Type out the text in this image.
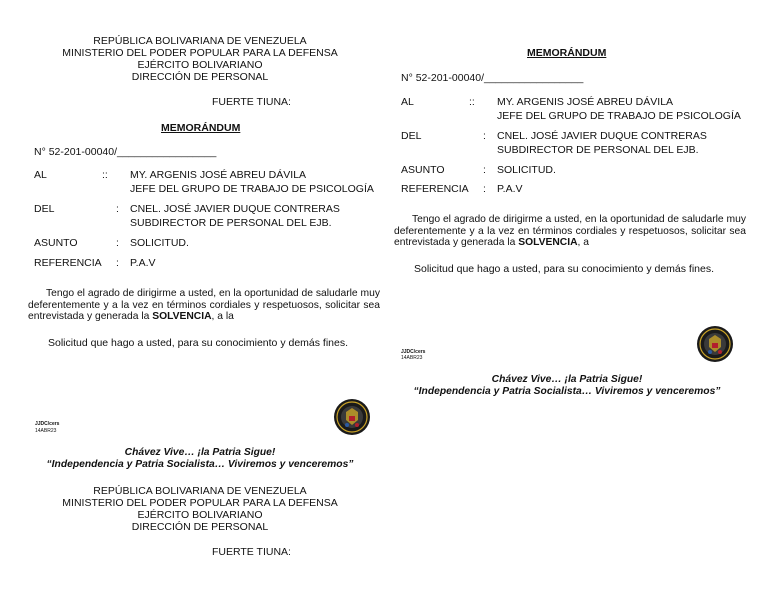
REPÚBLICA BOLIVARIANA DE VENEZUELA
MINISTERIO DEL PODER POPULAR PARA LA DEFENSA
EJÉRCITO BOLIVARIANO
DIRECCIÓN DE PERSONAL
FUERTE TIUNA:
MEMORÁNDUM
N° 52-201-00040/_________________
AL	:: MY. ARGENIS JOSÉ ABREU DÁVILA
JEFE DEL GRUPO DE TRABAJO DE PSICOLOGÍA
DEL	: CNEL. JOSÉ JAVIER DUQUE CONTRERAS
SUBDIRECTOR DE PERSONAL DEL EJB.
ASUNTO	: SOLICITUD.
REFERENCIA : P.A.V
Tengo el agrado de dirigirme a usted, en la oportunidad de saludarle muy deferentemente y a la vez en términos cordiales y respetuosos, solicitar sea entrevistada y generada la SOLVENCIA, a la
Solicitud que hago a usted, para su conocimiento y demás fines.
JJDC/cers
14ABR23
Chávez Vive… ¡la Patria Sigue!
“Independencia y Patria Socialista… Viviremos y venceremos”
REPÚBLICA BOLIVARIANA DE VENEZUELA
MINISTERIO DEL PODER POPULAR PARA LA DEFENSA
EJÉRCITO BOLIVARIANO
DIRECCIÓN DE PERSONAL
FUERTE TIUNA:
MEMORÁNDUM
N° 52-201-00040/_________________
AL	:: MY. ARGENIS JOSÉ ABREU DÁVILA
JEFE DEL GRUPO DE TRABAJO DE PSICOLOGÍA
DEL	: CNEL. JOSÉ JAVIER DUQUE CONTRERAS
SUBDIRECTOR DE PERSONAL DEL EJB.
ASUNTO	: SOLICITUD.
REFERENCIA : P.A.V
Tengo el agrado de dirigirme a usted, en la oportunidad de saludarle muy deferentemente y a la vez en términos cordiales y respetuosos, solicitar sea entrevistada y generada la SOLVENCIA, a
Solicitud que hago a usted, para su conocimiento y demás fines.
JJDC/cers
14ABR23
Chávez Vive… ¡la Patria Sigue!
“Independencia y Patria Socialista… Viviremos y venceremos”
